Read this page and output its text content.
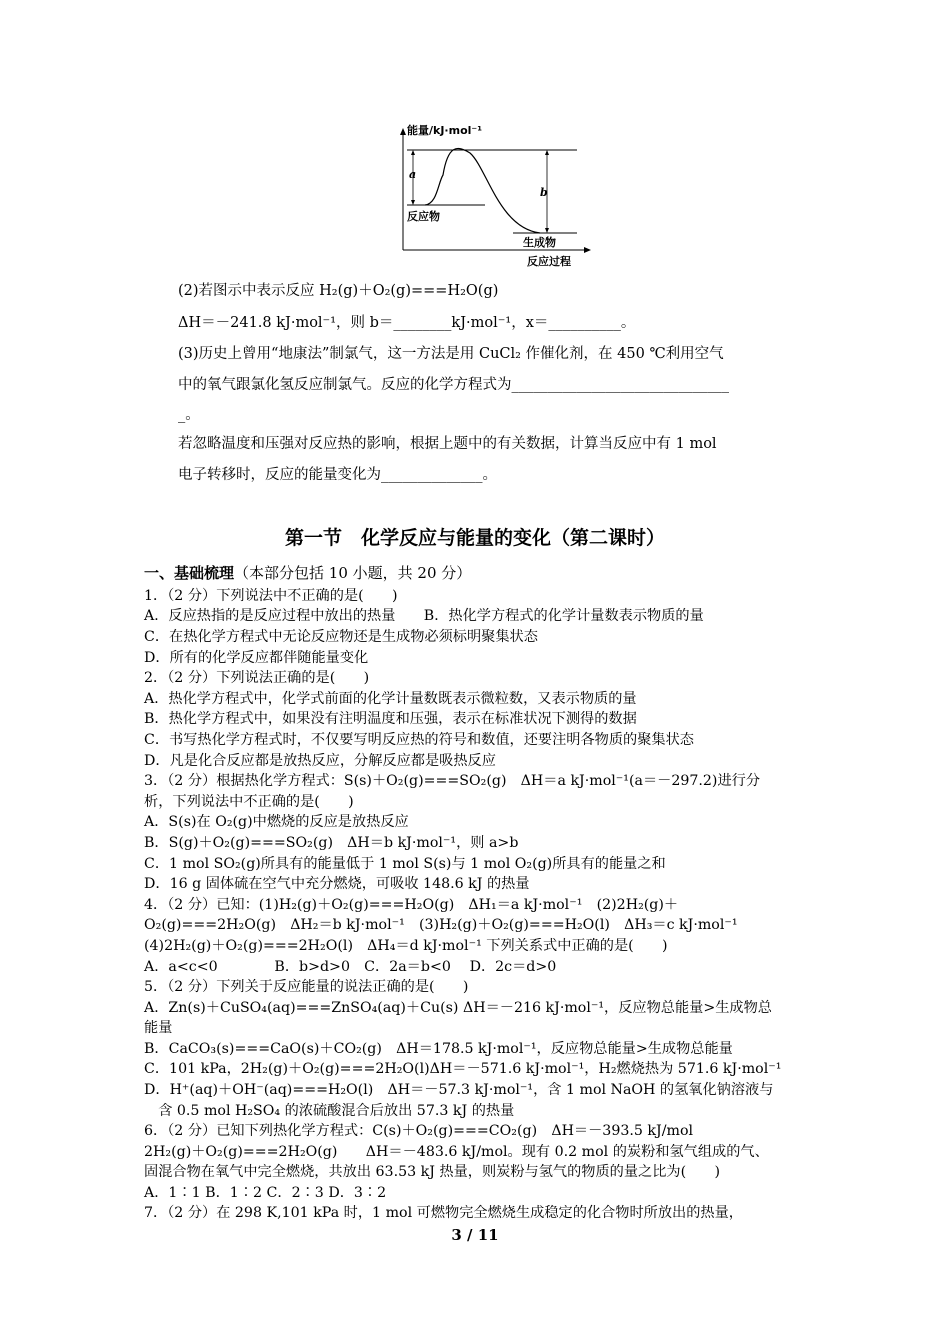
能量/kJ·mol⁻¹
a
b
反应物
生成物
反应过程
(2)若图示中表示反应 H₂(g)＋O₂(g)===H₂O(g)
ΔH＝－241.8 kJ·mol⁻¹，则 b＝________kJ·mol⁻¹，x＝__________。
(3)历史上曾用“地康法”制氯气，这一方法是用 CuCl₂ 作催化剂，在 450 ℃利用空气
中的氧气跟氯化氢反应制氯气。反应的化学方程式为______________________________
_。
若忽略温度和压强对反应热的影响，根据上题中的有关数据，计算当反应中有 1 mol
电子转移时，反应的能量变化为______________。
第一节　化学反应与能量的变化（第二课时）
一、基础梳理（本部分包括 10 小题，共 20 分）
1．（2 分）下列说法中不正确的是(　　)
A．反应热指的是反应过程中放出的热量　　B．热化学方程式的化学计量数表示物质的量
C．在热化学方程式中无论反应物还是生成物必须标明聚集状态
D．所有的化学反应都伴随能量变化
2．（2 分）下列说法正确的是(　　)
A．热化学方程式中，化学式前面的化学计量数既表示微粒数，又表示物质的量
B．热化学方程式中，如果没有注明温度和压强，表示在标准状况下测得的数据
C．书写热化学方程式时，不仅要写明反应热的符号和数值，还要注明各物质的聚集状态
D．凡是化合反应都是放热反应，分解反应都是吸热反应
3．（2 分）根据热化学方程式：S(s)＋O₂(g)===SO₂(g)　ΔH＝a kJ·mol⁻¹(a＝－297.2)进行分
析，下列说法中不正确的是(　　)
A．S(s)在 O₂(g)中燃烧的反应是放热反应
B．S(g)＋O₂(g)===SO₂(g)　ΔH＝b kJ·mol⁻¹，则 a>b
C．1 mol SO₂(g)所具有的能量低于 1 mol S(s)与 1 mol O₂(g)所具有的能量之和
D．16 g 固体硫在空气中充分燃烧，可吸收 148.6 kJ 的热量
4．（2 分）已知：(1)H₂(g)＋O₂(g)===H₂O(g)　ΔH₁＝a kJ·mol⁻¹　(2)2H₂(g)＋
O₂(g)===2H₂O(g)　ΔH₂＝b kJ·mol⁻¹　(3)H₂(g)＋O₂(g)===H₂O(l)　ΔH₃＝c kJ·mol⁻¹
(4)2H₂(g)＋O₂(g)===2H₂O(l)　ΔH₄＝d kJ·mol⁻¹ 下列关系式中正确的是(　　)
A．a<c<0　　　　B．b>d>0　C．2a＝b<0　 D．2c＝d>0
5．（2 分）下列关于反应能量的说法正确的是(　　)
A．Zn(s)＋CuSO₄(aq)===ZnSO₄(aq)＋Cu(s) ΔH＝－216 kJ·mol⁻¹，反应物总能量>生成物总
能量
B．CaCO₃(s)===CaO(s)＋CO₂(g)　ΔH＝178.5 kJ·mol⁻¹，反应物总能量>生成物总能量
C．101 kPa，2H₂(g)＋O₂(g)===2H₂O(l)ΔH＝－571.6 kJ·mol⁻¹，H₂燃烧热为 571.6 kJ·mol⁻¹
D．H⁺(aq)＋OH⁻(aq)===H₂O(l)　ΔH＝－57.3 kJ·mol⁻¹，含 1 mol NaOH 的氢氧化钠溶液与
　含 0.5 mol H₂SO₄ 的浓硫酸混合后放出 57.3 kJ 的热量
6．（2 分）已知下列热化学方程式：C(s)＋O₂(g)===CO₂(g)　ΔH＝－393.5 kJ/mol
2H₂(g)＋O₂(g)===2H₂O(g)　　ΔH＝－483.6 kJ/mol。现有 0.2 mol 的炭粉和氢气组成的气、
固混合物在氧气中完全燃烧，共放出 63.53 kJ 热量，则炭粉与氢气的物质的量之比为(　　)
A．1∶1 B．1∶2 C．2∶3 D．3∶2
7．（2 分）在 298 K,101 kPa 时，1 mol 可燃物完全燃烧生成稳定的化合物时所放出的热量，
3 / 11
